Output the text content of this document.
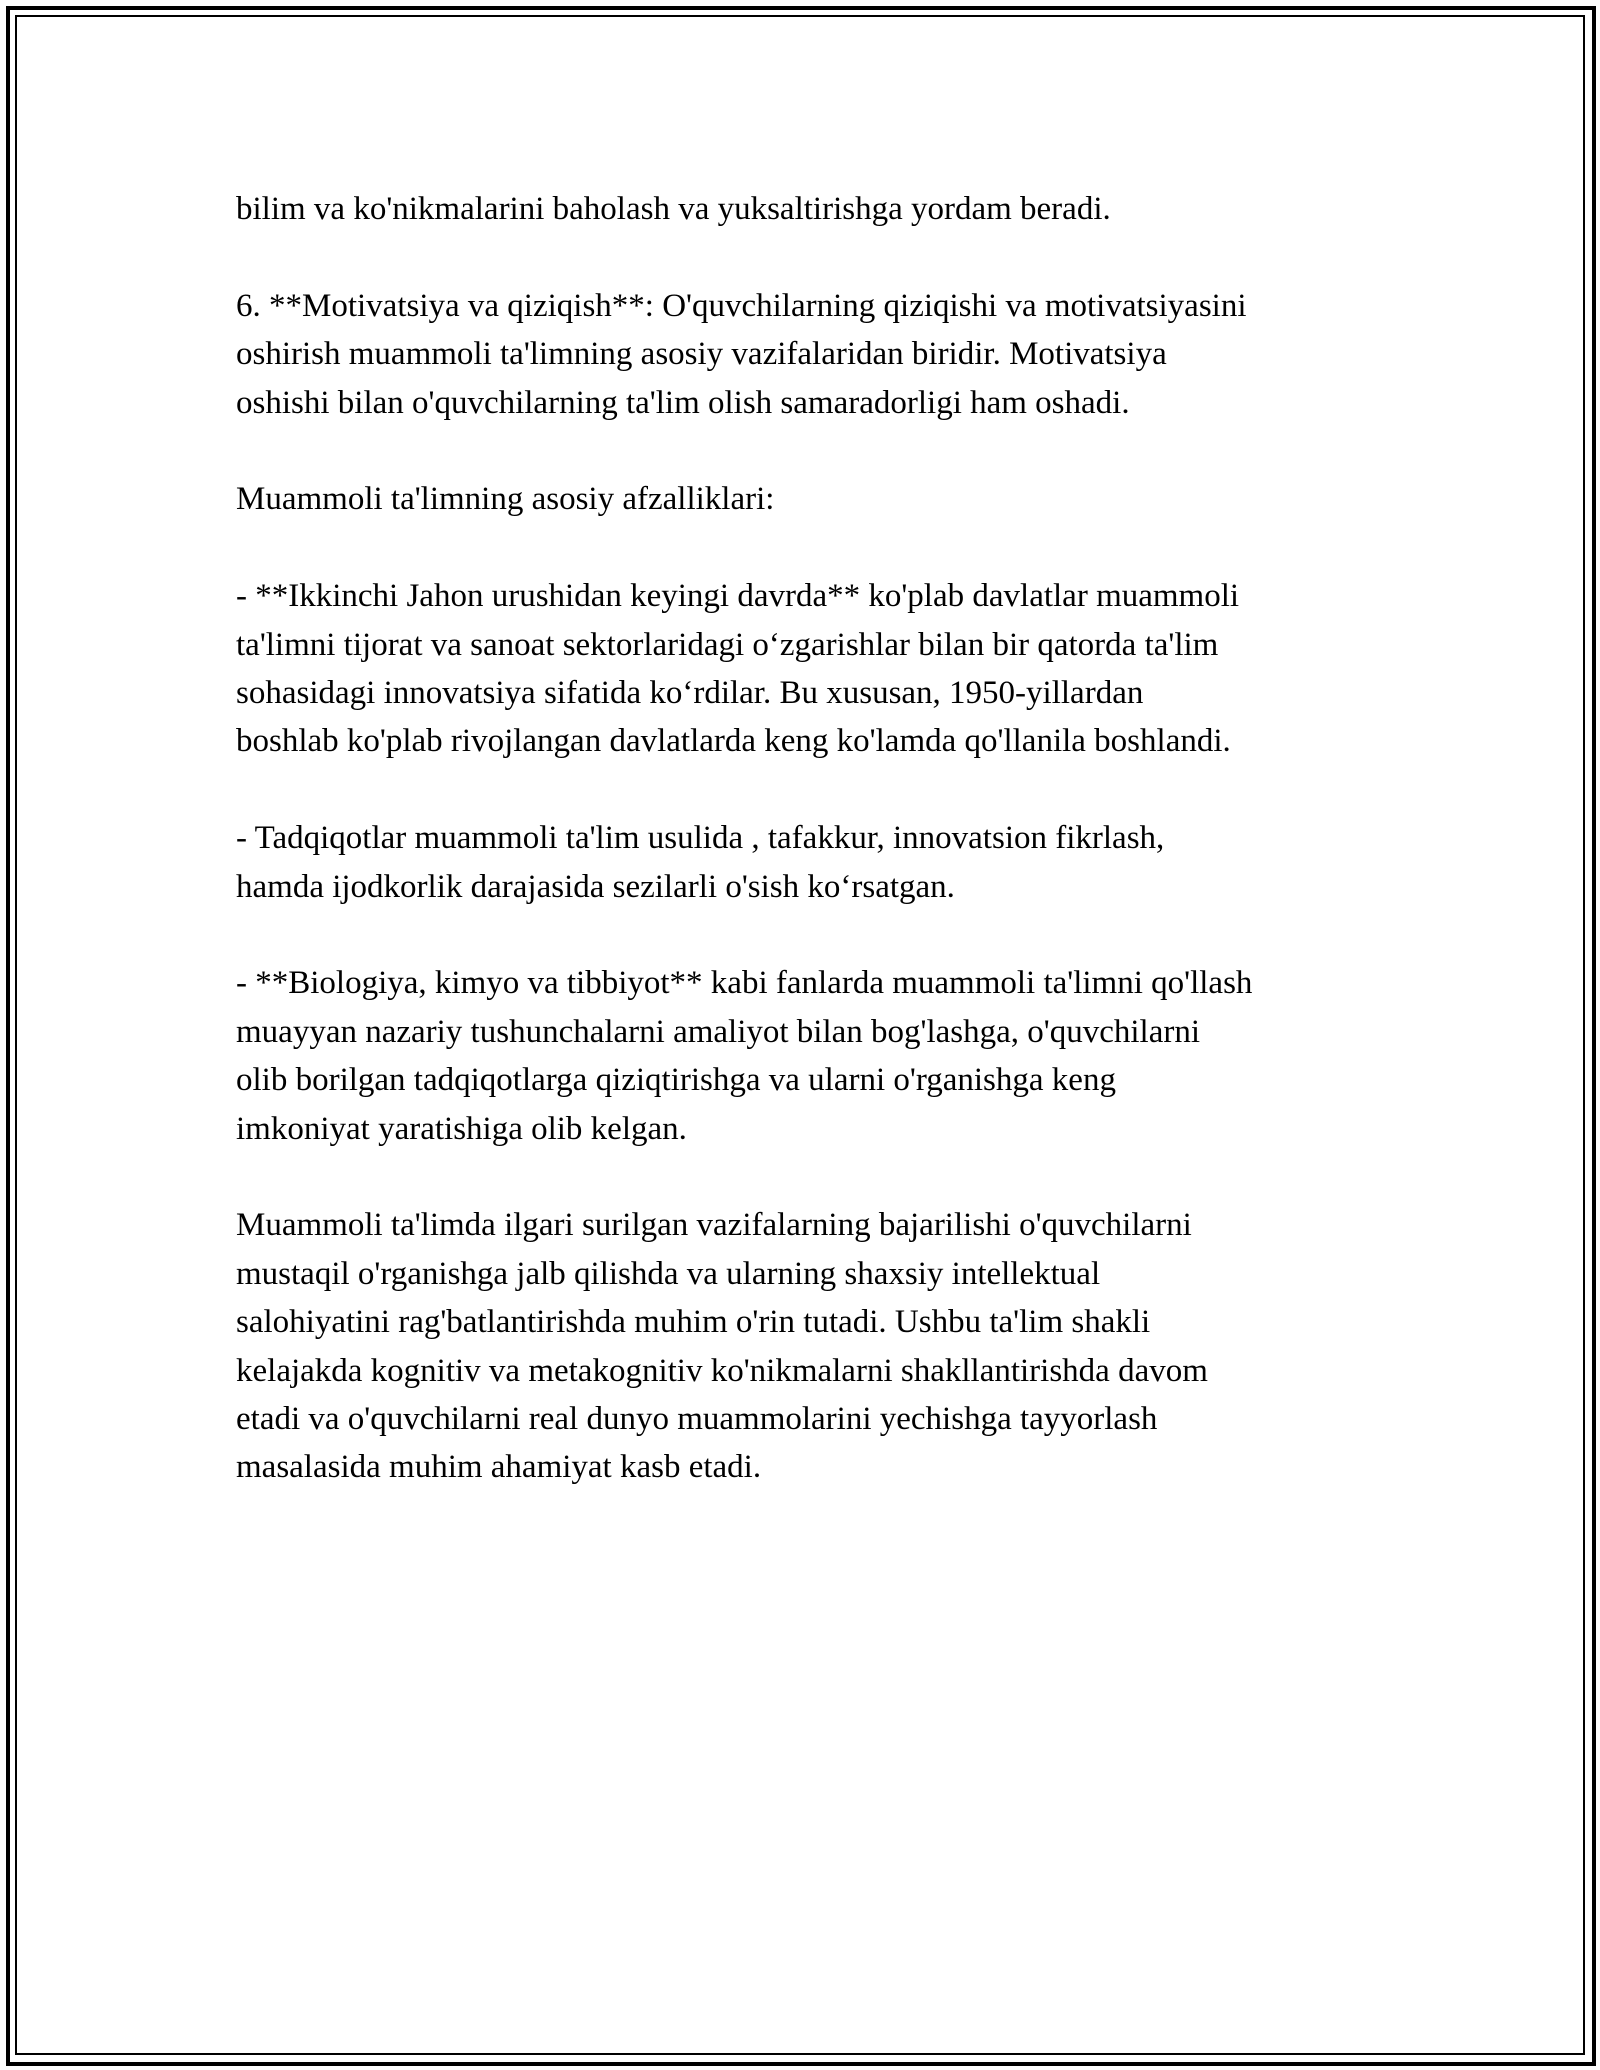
bilim va ko'nikmalarini baholash va yuksaltirishga yordam beradi.

6. **Motivatsiya va qiziqish**: O'quvchilarning qiziqishi va motivatsiyasini
oshirish muammoli ta'limning asosiy vazifalaridan biridir. Motivatsiya
oshishi bilan o'quvchilarning ta'lim olish samaradorligi ham oshadi.

Muammoli ta'limning asosiy afzalliklari:

- **Ikkinchi Jahon urushidan keyingi davrda** ko'plab davlatlar muammoli
ta'limni tijorat va sanoat sektorlaridagi o‘zgarishlar bilan bir qatorda ta'lim
sohasidagi innovatsiya sifatida ko‘rdilar. Bu xususan, 1950-yillardan
boshlab ko'plab rivojlangan davlatlarda keng ko'lamda qo'llanila boshlandi.

- Tadqiqotlar muammoli ta'lim usulida , tafakkur, innovatsion fikrlash,
hamda ijodkorlik darajasida sezilarli o'sish ko‘rsatgan.

- **Biologiya, kimyo va tibbiyot** kabi fanlarda muammoli ta'limni qo'llash
muayyan nazariy tushunchalarni amaliyot bilan bog'lashga, o'quvchilarni
olib borilgan tadqiqotlarga qiziqtirishga va ularni o'rganishga keng
imkoniyat yaratishiga olib kelgan.

Muammoli ta'limda ilgari surilgan vazifalarning bajarilishi o'quvchilarni
mustaqil o'rganishga jalb qilishda va ularning shaxsiy intellektual
salohiyatini rag'batlantirishda muhim o'rin tutadi. Ushbu ta'lim shakli
kelajakda kognitiv va metakognitiv ko'nikmalarni shakllantirishda davom
etadi va o'quvchilarni real dunyo muammolarini yechishga tayyorlash
masalasida muhim ahamiyat kasb etadi.
